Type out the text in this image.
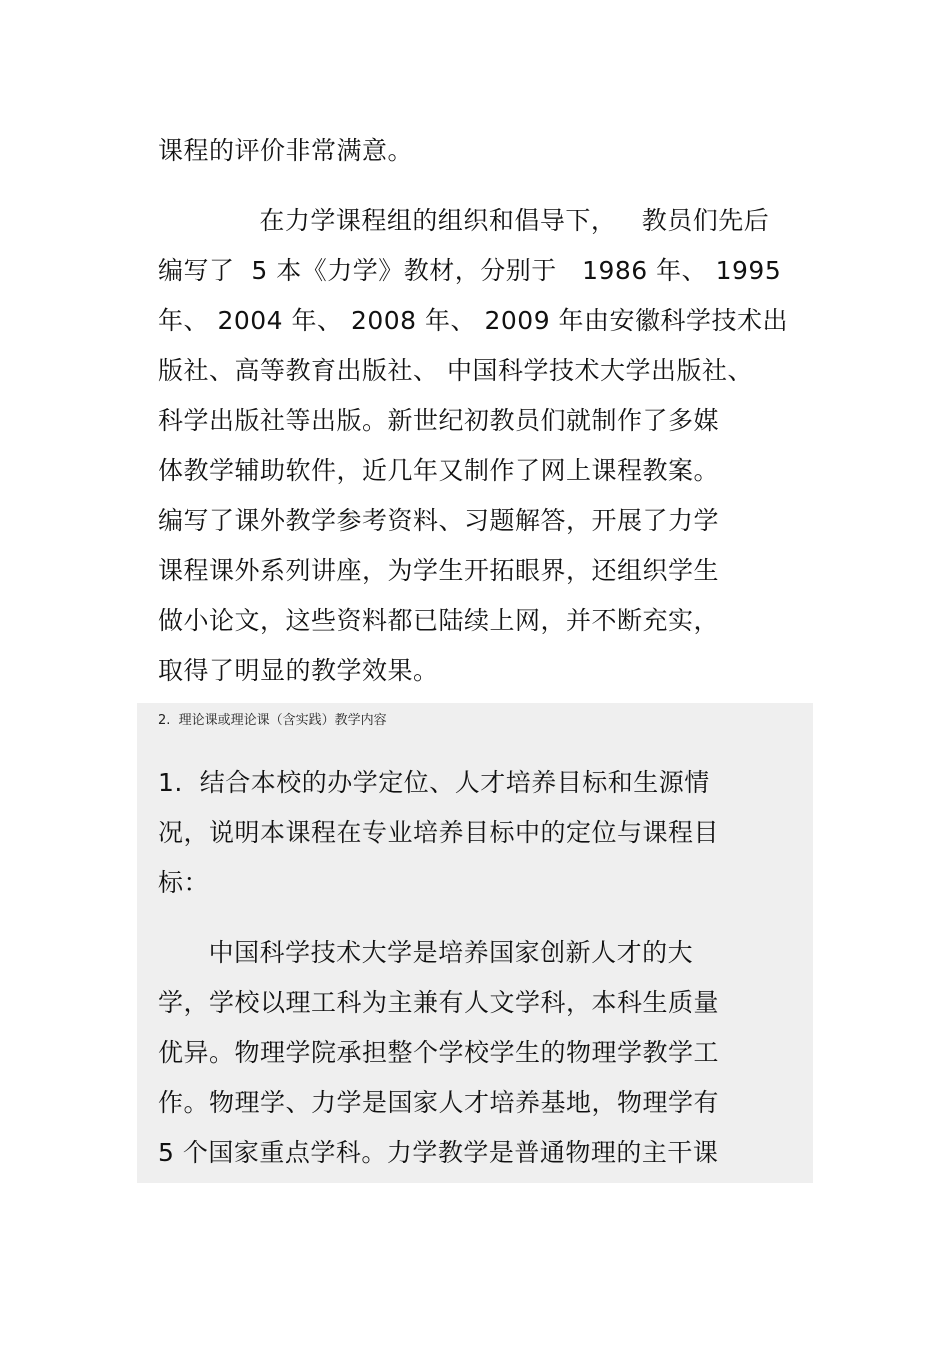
课程的评价非常满意。
在力学课程组的组织和倡导下，   教员们先后
编写了  5 本《力学》教材，分别于   1986 年、 1995
年、 2004 年、 2008 年、 2009 年由安徽科学技术出
版社、高等教育出版社、 中国科学技术大学出版社、
科学出版社等出版。新世纪初教员们就制作了多媒
体教学辅助软件，近几年又制作了网上课程教案。
编写了课外教学参考资料、习题解答，开展了力学
课程课外系列讲座，为学生开拓眼界，还组织学生
做小论文，这些资料都已陆续上网，并不断充实，
取得了明显的教学效果。
2.  理论课或理论课（含实践）教学内容
1.  结合本校的办学定位、人才培养目标和生源情
况，说明本课程在专业培养目标中的定位与课程目
标：
中国科学技术大学是培养国家创新人才的大
学，学校以理工科为主兼有人文学科，本科生质量
优异。物理学院承担整个学校学生的物理学教学工
作。物理学、力学是国家人才培养基地，物理学有
5 个国家重点学科。力学教学是普通物理的主干课
